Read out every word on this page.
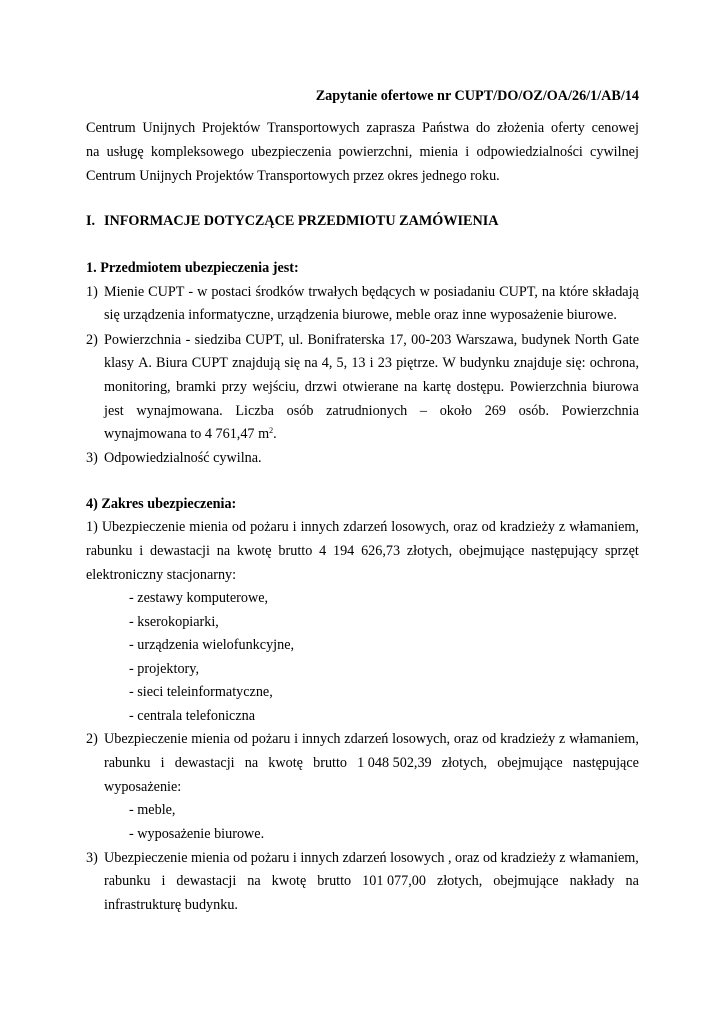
Zapytanie ofertowe nr CUPT/DO/OZ/OA/26/1/AB/14
Centrum Unijnych Projektów Transportowych zaprasza Państwa do złożenia oferty cenowej
na usługę kompleksowego ubezpieczenia powierzchni, mienia i odpowiedzialności cywilnej
Centrum Unijnych Projektów Transportowych przez okres jednego roku.
I. INFORMACJE DOTYCZĄCE PRZEDMIOTU ZAMÓWIENIA
1. Przedmiotem ubezpieczenia jest:
1) Mienie CUPT - w postaci środków trwałych będących w posiadaniu CUPT, na które składają
się urządzenia informatyczne, urządzenia biurowe, meble oraz inne wyposażenie biurowe.
2) Powierzchnia - siedziba CUPT, ul. Bonifraterska 17, 00-203 Warszawa, budynek North Gate
klasy A. Biura CUPT znajdują się na 4, 5, 13 i 23 piętrze. W budynku znajduje się: ochrona,
monitoring, bramki przy wejściu, drzwi otwierane na kartę dostępu. Powierzchnia biurowa
jest wynajmowana. Liczba osób zatrudnionych – około 269 osób. Powierzchnia
wynajmowana to 4 761,47 $m^2$.
3) Odpowiedzialność cywilna.
4) Zakres ubezpieczenia:
1) Ubezpieczenie mienia od pożaru i innych zdarzeń losowych, oraz od kradzieży z włamaniem,
rabunku i dewastacji na kwotę brutto 4 194 626,73 złotych, obejmujące następujący sprzęt
elektroniczny stacjonarny:
- zestawy komputerowe,
- kserokopiarki,
- urządzenia wielofunkcyjne,
- projektory,
- sieci teleinformatyczne,
- centrala telefoniczna
2) Ubezpieczenie mienia od pożaru i innych zdarzeń losowych, oraz od kradzieży z włamaniem,
rabunku i dewastacji na kwotę brutto 1 048 502,39 złotych, obejmujące następujące
wyposażenie:
- meble,
- wyposażenie biurowe.
3) Ubezpieczenie mienia od pożaru i innych zdarzeń losowych , oraz od kradzieży z włamaniem,
rabunku i dewastacji na kwotę brutto 101 077,00 złotych, obejmujące nakłady na
infrastrukturę budynku.
